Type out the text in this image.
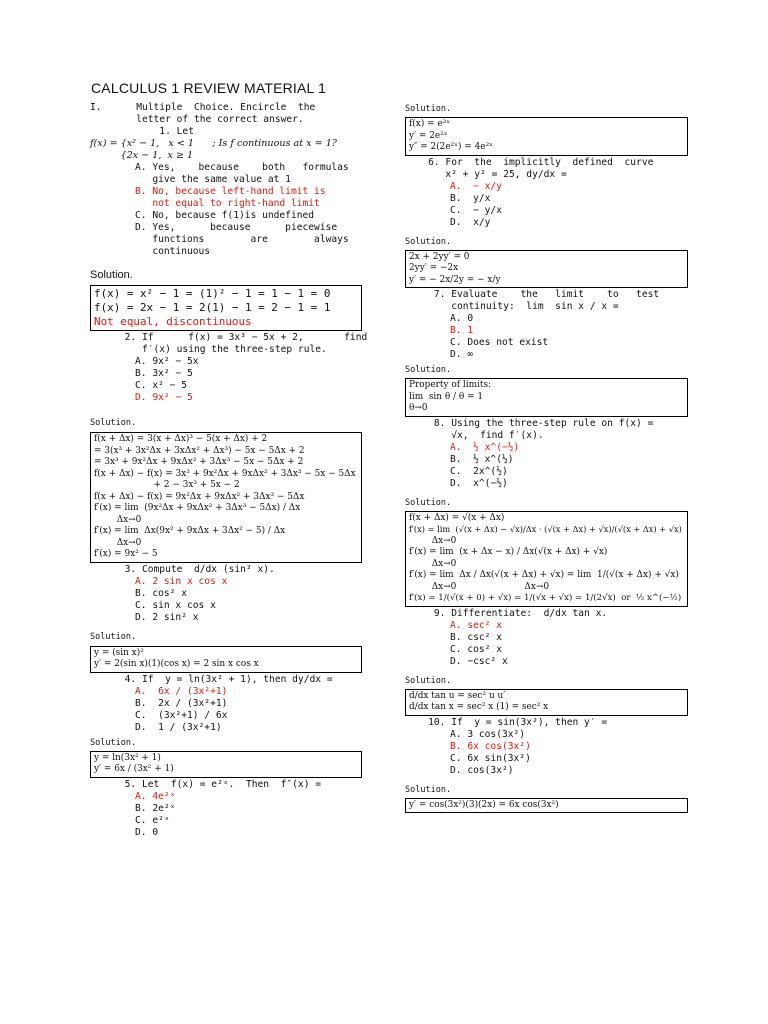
CALCULUS 1 REVIEW MATERIAL 1
I.      Multiple  Choice. Encircle  the
letter of the correct answer.
1. Let
f(x) = {x² − 1,   x < 1      ; Is f continuous at x = 1?
{2x − 1,  x ≥ 1
A. Yes,    because    both   formulas
give the same value at 1
B. No, because left-hand limit is
not equal to right-hand limit
C. No, because f(1)is undefined
D. Yes,      because      piecewise
functions        are        always
continuous
Solution.
f(x) = x² − 1 = (1)² − 1 = 1 − 1 = 0
f(x) = 2x − 1 = 2(1) − 1 = 2 − 1 = 1
Not equal, discontinuous
2. If      f(x) = 3x³ − 5x + 2,       find
f′(x) using the three-step rule.
A. 9x² − 5x
B. 3x² − 5
C. x² − 5
D. 9x² − 5
Solution.
f(x + Δx) = 3(x + Δx)³ − 5(x + Δx) + 2
= 3(x³ + 3x²Δx + 3xΔx² + Δx³) − 5x − 5Δx + 2
= 3x³ + 9x²Δx + 9xΔx² + 3Δx³ − 5x − 5Δx + 2
f(x + Δx) − f(x) = 3x³ + 9x²Δx + 9xΔx² + 3Δx³ − 5x − 5Δx
+ 2 − 3x³ + 5x − 2
f(x + Δx) − f(x) = 9x²Δx + 9xΔx² + 3Δx³ − 5Δx
f′(x) = lim  (9x²Δx + 9xΔx² + 3Δx³ − 5Δx) / Δx
Δx→0
f′(x) = lim  Δx(9x² + 9xΔx + 3Δx² − 5) / Δx
Δx→0
f′(x) = 9x² − 5
3. Compute  d/dx (sin² x).
A. 2 sin x cos x
B. cos² x
C. sin x cos x
D. 2 sin² x
Solution.
y = (sin x)²
y′ = 2(sin x)(1)(cos x) = 2 sin x cos x
4. If  y = ln(3x² + 1), then dy/dx =
A.  6x / (3x²+1)
B.  2x / (3x²+1)
C.  (3x²+1) / 6x
D.  1 / (3x²+1)
Solution.
y = ln(3x² + 1)
y′ = 6x / (3x² + 1)
5. Let  f(x) = e²ˣ.  Then  f″(x) =
A. 4e²ˣ
B. 2e²ˣ
C. e²ˣ
D. 0
Solution.
f(x) = e²ˣ
y′ = 2e²ˣ
y″ = 2(2e²ˣ) = 4e²ˣ
6. For  the  implicitly  defined  curve
x² + y² = 25, dy/dx =
A.  − x/y
B.  y/x
C.  − y/x
D.  x/y
Solution.
2x + 2yy′ = 0
2yy′ = −2x
y′ = − 2x/2y = − x/y
7. Evaluate    the   limit    to   test
continuity:  lim  sin x / x =
A. 0
B. 1
C. Does not exist
D. ∞
Solution.
Property of limits:
lim  sin θ / θ = 1
θ→0
8. Using the three-step rule on f(x) =
√x,  find f′(x).
A.  ½ x^(−½)
B.  ½ x^(½)
C.  2x^(½)
D.  x^(−½)
Solution.
f(x + Δx) = √(x + Δx)
f′(x) = lim  (√(x + Δx) − √x)/Δx · (√(x + Δx) + √x)/(√(x + Δx) + √x)
Δx→0
f′(x) = lim  (x + Δx − x) / Δx(√(x + Δx) + √x)
Δx→0
f′(x) = lim  Δx / Δx(√(x + Δx) + √x) = lim  1/(√(x + Δx) + √x)
Δx→0                        Δx→0
f′(x) = 1/(√(x + 0) + √x) = 1/(√x + √x) = 1/(2√x)  or  ½ x^(−½)
9. Differentiate:  d/dx tan x.
A. sec² x
B. csc² x
C. cos² x
D. −csc² x
Solution.
d/dx tan u = sec² u u′
d/dx tan x = sec² x (1) = sec² x
10. If  y = sin(3x²), then y′ =
A. 3 cos(3x²)
B. 6x cos(3x²)
C. 6x sin(3x²)
D. cos(3x²)
Solution.
y′ = cos(3x²)(3)(2x) = 6x cos(3x²)
